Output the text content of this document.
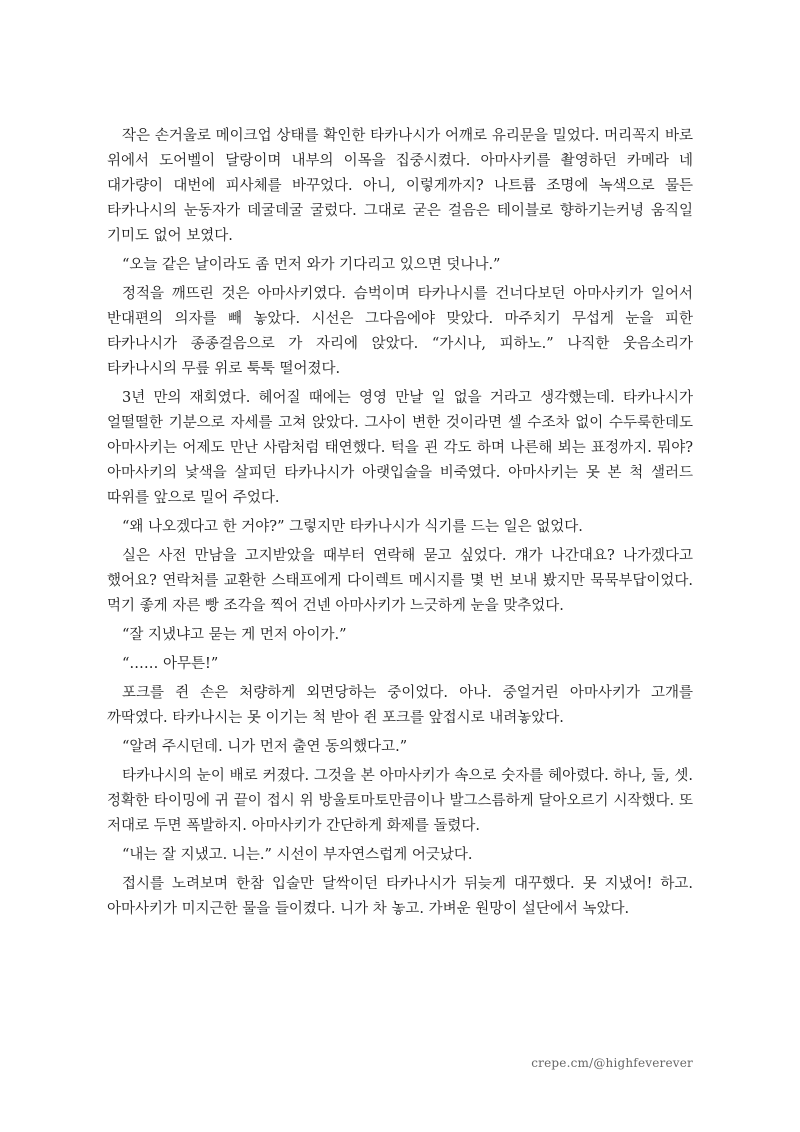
작은 손거울로 메이크업 상태를 확인한 타카나시가 어깨로 유리문을 밀었다. 머리꼭지 바로 위에서 도어벨이 달랑이며 내부의 이목을 집중시켰다. 아마사키를 촬영하던 카메라 네 대가량이 대번에 피사체를 바꾸었다. 아니, 이렇게까지? 나트륨 조명에 녹색으로 물든 타카나시의 눈동자가 데굴데굴 굴렀다. 그대로 굳은 걸음은 테이블로 향하기는커녕 움직일 기미도 없어 보였다.

“오늘 같은 날이라도 좀 먼저 와가 기다리고 있으면 덧나나.”

정적을 깨뜨린 것은 아마사키였다. 슴벅이며 타카나시를 건너다보던 아마사키가 일어서 반대편의 의자를 빼 놓았다. 시선은 그다음에야 맞았다. 마주치기 무섭게 눈을 피한 타카나시가 종종걸음으로 가 자리에 앉았다. “가시나, 피하노.” 나직한 웃음소리가 타카나시의 무릎 위로 툭툭 떨어졌다.

3년 만의 재회였다. 헤어질 때에는 영영 만날 일 없을 거라고 생각했는데. 타카나시가 얼떨떨한 기분으로 자세를 고쳐 앉았다. 그사이 변한 것이라면 셀 수조차 없이 수두룩한데도 아마사키는 어제도 만난 사람처럼 태연했다. 턱을 괸 각도 하며 나른해 뵈는 표정까지. 뭐야? 아마사키의 낯색을 살피던 타카나시가 아랫입술을 비죽였다. 아마사키는 못 본 척 샐러드 따위를 앞으로 밀어 주었다.

“왜 나오겠다고 한 거야?” 그렇지만 타카나시가 식기를 드는 일은 없었다.

실은 사전 만남을 고지받았을 때부터 연락해 묻고 싶었다. 걔가 나간대요? 나가겠다고 했어요? 연락처를 교환한 스태프에게 다이렉트 메시지를 몇 번 보내 봤지만 묵묵부답이었다. 먹기 좋게 자른 빵 조각을 찍어 건넨 아마사키가 느긋하게 눈을 맞추었다.

“잘 지냈냐고 묻는 게 먼저 아이가.”

“…… 아무튼!”

포크를 쥔 손은 처량하게 외면당하는 중이었다. 아나. 중얼거린 아마사키가 고개를 까딱였다. 타카나시는 못 이기는 척 받아 쥔 포크를 앞접시로 내려놓았다.

“알려 주시던데. 니가 먼저 출연 동의했다고.”

타카나시의 눈이 배로 커졌다. 그것을 본 아마사키가 속으로 숫자를 헤아렸다. 하나, 둘, 셋. 정확한 타이밍에 귀 끝이 접시 위 방울토마토만큼이나 발그스름하게 달아오르기 시작했다. 또 저대로 두면 폭발하지. 아마사키가 간단하게 화제를 돌렸다.

“내는 잘 지냈고. 니는.” 시선이 부자연스럽게 어긋났다.

접시를 노려보며 한참 입술만 달싹이던 타카나시가 뒤늦게 대꾸했다. 못 지냈어! 하고. 아마사키가 미지근한 물을 들이켰다. 니가 차 놓고. 가벼운 원망이 설단에서 녹았다.

crepe.cm/@highfeverever
